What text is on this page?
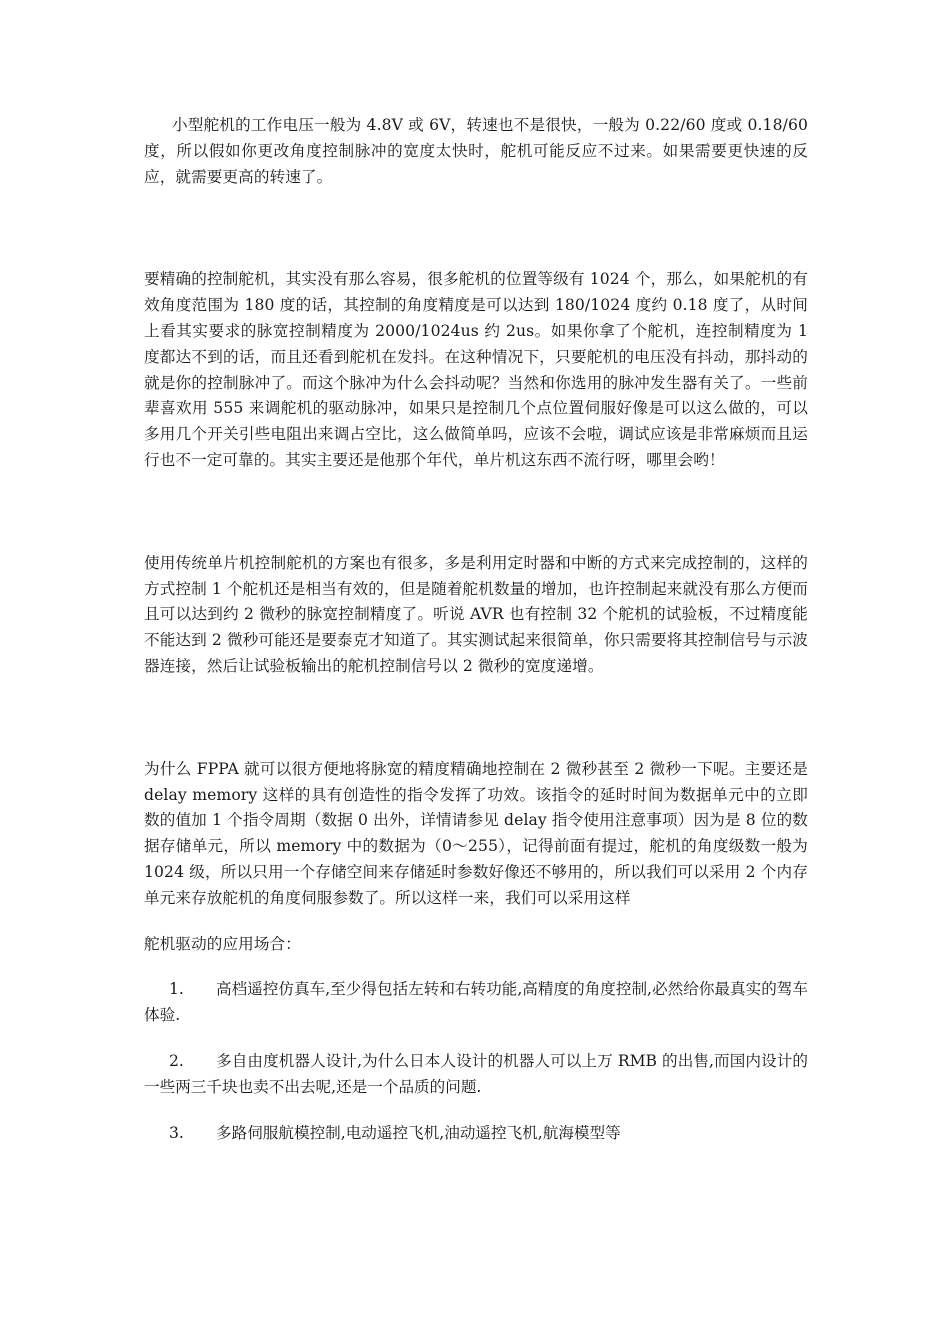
小型舵机的工作电压一般为 4.8V 或 6V，转速也不是很快，一般为 0.22/60 度或 0.18/60 度，所以假如你更改角度控制脉冲的宽度太快时，舵机可能反应不过来。如果需要更快速的反应，就需要更高的转速了。

要精确的控制舵机，其实没有那么容易，很多舵机的位置等级有 1024 个，那么，如果舵机的有效角度范围为 180 度的话，其控制的角度精度是可以达到 180/1024 度约 0.18 度了，从时间上看其实要求的脉宽控制精度为 2000/1024us 约 2us。如果你拿了个舵机，连控制精度为 1 度都达不到的话，而且还看到舵机在发抖。在这种情况下，只要舵机的电压没有抖动，那抖动的就是你的控制脉冲了。而这个脉冲为什么会抖动呢？当然和你选用的脉冲发生器有关了。一些前辈喜欢用 555 来调舵机的驱动脉冲，如果只是控制几个点位置伺服好像是可以这么做的，可以多用几个开关引些电阻出来调占空比，这么做简单吗，应该不会啦，调试应该是非常麻烦而且运行也不一定可靠的。其实主要还是他那个年代，单片机这东西不流行呀，哪里会哟！

使用传统单片机控制舵机的方案也有很多，多是利用定时器和中断的方式来完成控制的，这样的方式控制 1 个舵机还是相当有效的，但是随着舵机数量的增加，也许控制起来就没有那么方便而且可以达到约 2 微秒的脉宽控制精度了。听说 AVR 也有控制 32 个舵机的试验板，不过精度能不能达到 2 微秒可能还是要泰克才知道了。其实测试起来很简单，你只需要将其控制信号与示波器连接，然后让试验板输出的舵机控制信号以 2 微秒的宽度递增。

为什么 FPPA 就可以很方便地将脉宽的精度精确地控制在 2 微秒甚至 2 微秒一下呢。主要还是 delay memory 这样的具有创造性的指令发挥了功效。该指令的延时时间为数据单元中的立即数的值加 1 个指令周期（数据 0 出外，详情请参见 delay 指令使用注意事项）因为是 8 位的数据存储单元，所以 memory 中的数据为（0～255），记得前面有提过，舵机的角度级数一般为 1024 级，所以只用一个存储空间来存储延时参数好像还不够用的，所以我们可以采用 2 个内存单元来存放舵机的角度伺服参数了。所以这样一来，我们可以采用这样

舵机驱动的应用场合：

1. 高档遥控仿真车,至少得包括左转和右转功能,高精度的角度控制,必然给你最真实的驾车体验.

2. 多自由度机器人设计,为什么日本人设计的机器人可以上万 RMB 的出售,而国内设计的一些两三千块也卖不出去呢,还是一个品质的问题.

3. 多路伺服航模控制,电动遥控飞机,油动遥控飞机,航海模型等
